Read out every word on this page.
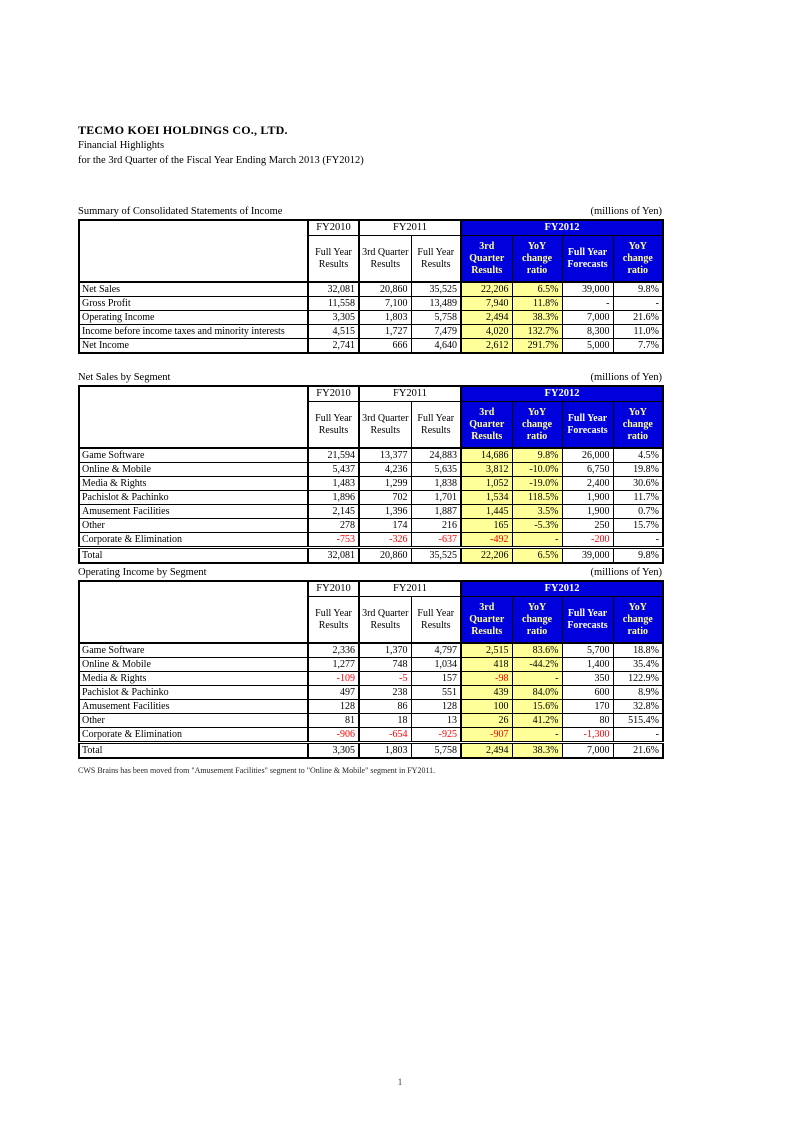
TECMO KOEI HOLDINGS CO., LTD.
Financial Highlights
for the 3rd Quarter of the Fiscal Year Ending March 2013 (FY2012)
Summary of Consolidated Statements of Income	(millions of Yen)
	FY2010	FY2011		FY2012			
	Full Year Results	3rd Quarter Results	Full Year Results	3rd Quarter Results	YoY change ratio	Full Year Forecasts	YoY change ratio
Net Sales	32,081	20,860	35,525	22,206	6.5%	39,000	9.8%
Gross Profit	11,558	7,100	13,489	7,940	11.8%	-	-
Operating Income	3,305	1,803	5,758	2,494	38.3%	7,000	21.6%
Income before income taxes and minority interests	4,515	1,727	7,479	4,020	132.7%	8,300	11.0%
Net Income	2,741	666	4,640	2,612	291.7%	5,000	7.7%
Net Sales by Segment	(millions of Yen)
	FY2010	FY2011		FY2012			
	Full Year Results	3rd Quarter Results	Full Year Results	3rd Quarter Results	YoY change ratio	Full Year Forecasts	YoY change ratio
Game Software	21,594	13,377	24,883	14,686	9.8%	26,000	4.5%
Online & Mobile	5,437	4,236	5,635	3,812	-10.0%	6,750	19.8%
Media & Rights	1,483	1,299	1,838	1,052	-19.0%	2,400	30.6%
Pachislot & Pachinko	1,896	702	1,701	1,534	118.5%	1,900	11.7%
Amusement Facilities	2,145	1,396	1,887	1,445	3.5%	1,900	0.7%
Other	278	174	216	165	-5.3%	250	15.7%
Corporate & Elimination	-753	-326	-637	-492	-	-200	-
Total	32,081	20,860	35,525	22,206	6.5%	39,000	9.8%
Operating Income by Segment	(millions of Yen)
	FY2010	FY2011		FY2012			
	Full Year Results	3rd Quarter Results	Full Year Results	3rd Quarter Results	YoY change ratio	Full Year Forecasts	YoY change ratio
Game Software	2,336	1,370	4,797	2,515	83.6%	5,700	18.8%
Online & Mobile	1,277	748	1,034	418	-44.2%	1,400	35.4%
Media & Rights	-109	-5	157	-98	-	350	122.9%
Pachislot & Pachinko	497	238	551	439	84.0%	600	8.9%
Amusement Facilities	128	86	128	100	15.6%	170	32.8%
Other	81	18	13	26	41.2%	80	515.4%
Corporate & Elimination	-906	-654	-925	-907	-	-1,300	-
Total	3,305	1,803	5,758	2,494	38.3%	7,000	21.6%
CWS Brains has been moved from "Amusement Facilities" segment to "Online & Mobile" segment in FY2011.
1
